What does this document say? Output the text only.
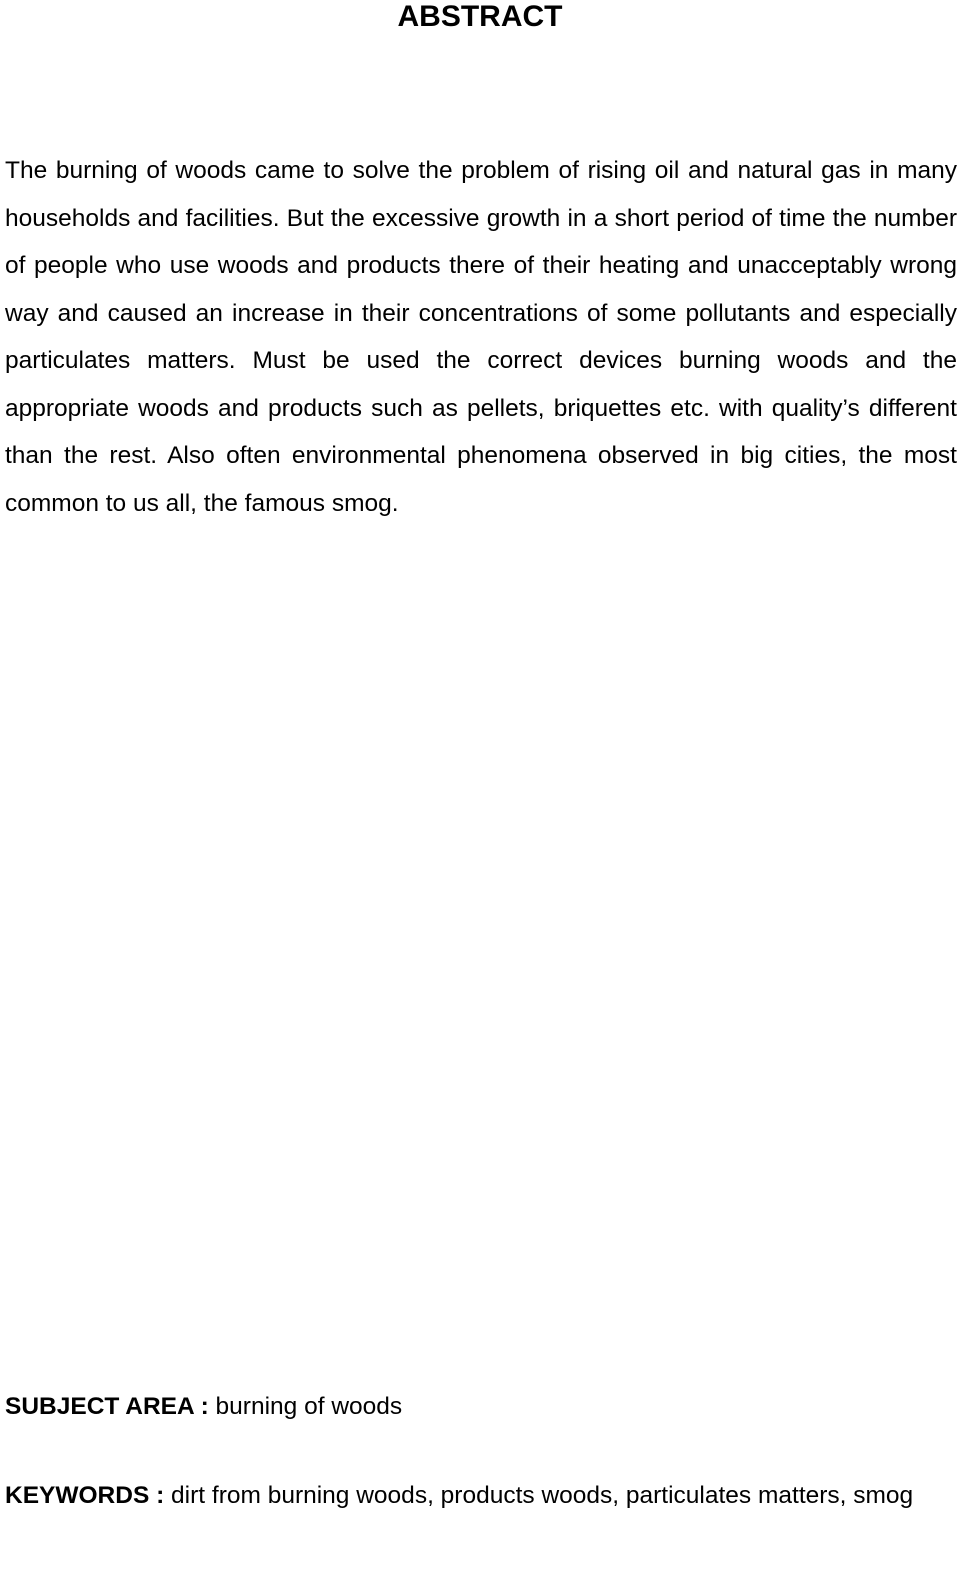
ABSTRACT

The burning of woods came to solve the problem of rising oil and natural gas in many households and facilities. But the excessive growth in a short period of time the number of people who use woods and products there of their heating and unacceptably wrong way and caused an increase in their concentrations of some pollutants and especially particulates matters. Must be used the correct devices burning woods and the appropriate woods and products such as pellets, briquettes etc. with quality’s different than the rest. Also often environmental phenomena observed in big cities, the most common to us all, the famous smog.

SUBJECT AREA : burning of woods

KEYWORDS : dirt from burning woods, products woods, particulates matters, smog
